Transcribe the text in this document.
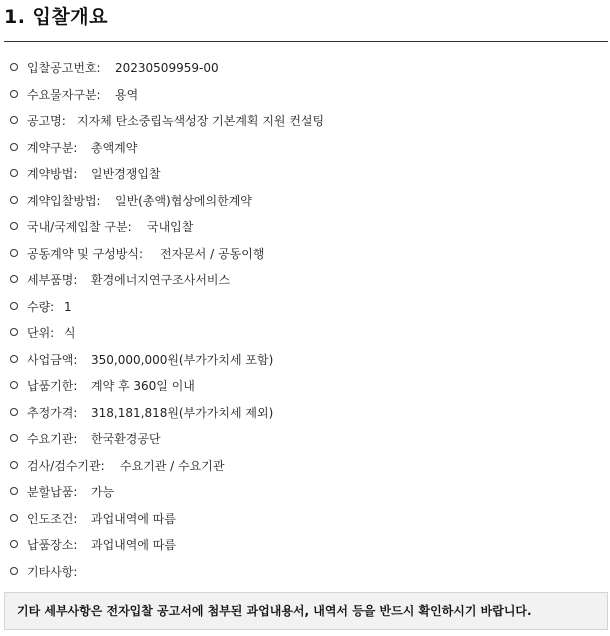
1. 입찰개요
입찰공고번호: 20230509959-00
수요물자구분: 용역
공고명: 지자체 탄소중립녹색성장 기본계획 지원 컨설팅
계약구분: 총액계약
계약방법: 일반경쟁입찰
계약입찰방법: 일반(총액)협상에의한계약
국내/국제입찰 구분: 국내입찰
공동계약 및 구성방식: 전자문서 / 공동이행
세부품명: 환경에너지연구조사서비스
수량: 1
단위: 식
사업금액: 350,000,000원(부가가치세 포함)
납품기한: 계약 후 360일 이내
추정가격: 318,181,818원(부가가치세 제외)
수요기관: 한국환경공단
검사/검수기관: 수요기관 / 수요기관
분할납품: 가능
인도조건: 과업내역에 따름
납품장소: 과업내역에 따름
기타사항:
기타 세부사항은 전자입찰 공고서에 첨부된 과업내용서, 내역서 등을 반드시 확인하시기 바랍니다.
